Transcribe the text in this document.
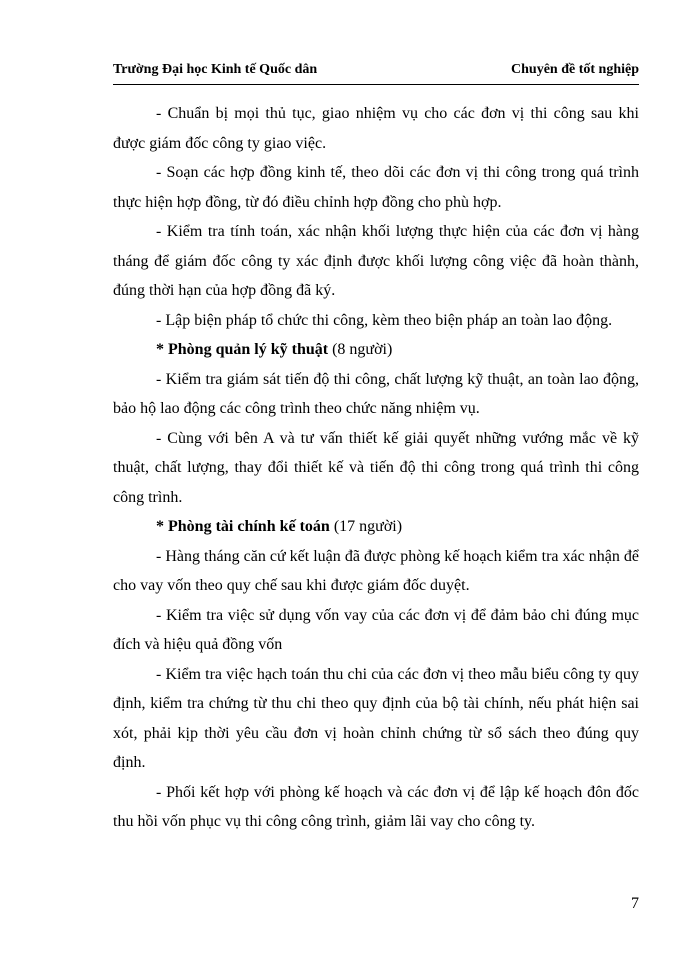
Trường Đại học Kinh tế Quốc dân	Chuyên đề tốt nghiệp

- Chuẩn bị mọi thủ tục, giao nhiệm vụ cho các đơn vị thi công sau khi được giám đốc công ty giao việc.

- Soạn các hợp đồng kinh tế, theo dõi các đơn vị thi công trong quá trình thực hiện hợp đồng, từ đó điều chỉnh hợp đồng cho phù hợp.

- Kiểm tra tính toán, xác nhận khối lượng thực hiện của các đơn vị hàng tháng để giám đốc công ty xác định được khối lượng công việc đã hoàn thành, đúng thời hạn của hợp đồng đã ký.

- Lập biện pháp tổ chức thi công, kèm theo biện pháp an toàn lao động.

* Phòng quản lý kỹ thuật (8 người)

- Kiểm tra giám sát tiến độ thi công, chất lượng kỹ thuật, an toàn lao động, bảo hộ lao động các công trình theo chức năng nhiệm vụ.

- Cùng với bên A và tư vấn thiết kế giải quyết những vướng mắc về kỹ thuật, chất lượng, thay đổi thiết kế và tiến độ thi công trong quá trình thi công công trình.

* Phòng tài chính kế toán (17 người)

- Hàng tháng căn cứ kết luận đã được phòng kế hoạch kiểm tra xác nhận để cho vay vốn theo quy chế sau khi được giám đốc duyệt.

- Kiểm tra việc sử dụng vốn vay của các đơn vị để đảm bảo chi đúng mục đích và hiệu quả đồng vốn

- Kiểm tra việc hạch toán thu chi của các đơn vị theo mẫu biểu công ty quy định, kiểm tra chứng từ thu chi theo quy định của bộ tài chính, nếu phát hiện sai xót, phải kịp thời yêu cầu đơn vị hoàn chỉnh chứng từ sổ sách theo đúng quy định.

- Phối kết hợp với phòng kế hoạch và các đơn vị để lập kế hoạch đôn đốc thu hồi vốn phục vụ thi công công trình, giảm lãi vay cho công ty.

7
